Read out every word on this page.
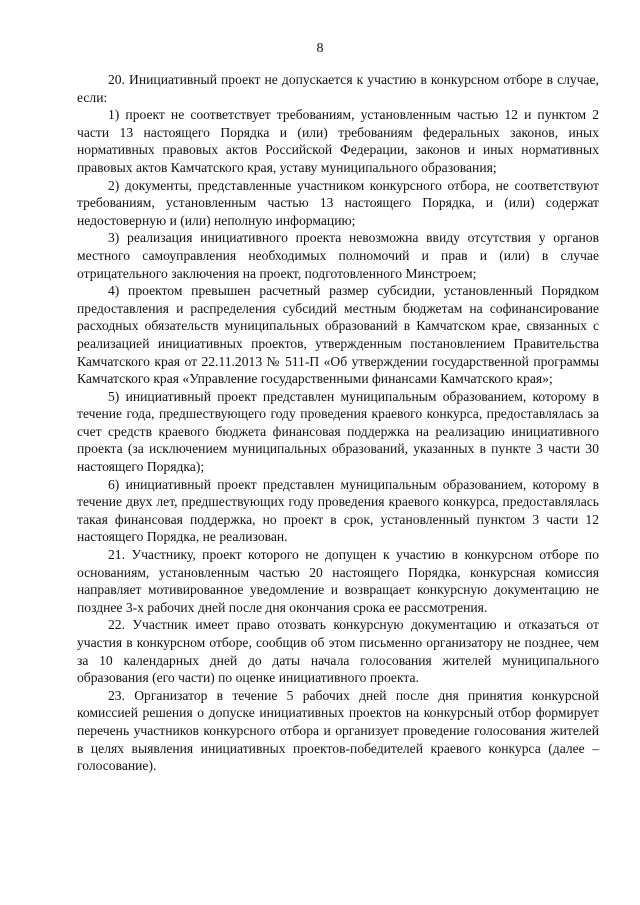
8

20. Инициативный проект не допускается к участию в конкурсном отборе в случае, если:

1) проект не соответствует требованиям, установленным частью 12 и пунктом 2 части 13 настоящего Порядка и (или) требованиям федеральных законов, иных нормативных правовых актов Российской Федерации, законов и иных нормативных правовых актов Камчатского края, уставу муниципального образования;

2) документы, представленные участником конкурсного отбора, не соответствуют требованиям, установленным частью 13 настоящего Порядка, и (или) содержат недостоверную и (или) неполную информацию;

3) реализация инициативного проекта невозможна ввиду отсутствия у органов местного самоуправления необходимых полномочий и прав и (или) в случае отрицательного заключения на проект, подготовленного Минстроем;

4) проектом превышен расчетный размер субсидии, установленный Порядком предоставления и распределения субсидий местным бюджетам на софинансирование расходных обязательств муниципальных образований в Камчатском крае, связанных с реализацией инициативных проектов, утвержденным постановлением Правительства Камчатского края от 22.11.2013 № 511-П «Об утверждении государственной программы Камчатского края «Управление государственными финансами Камчатского края»;

5) инициативный проект представлен муниципальным образованием, которому в течение года, предшествующего году проведения краевого конкурса, предоставлялась за счет средств краевого бюджета финансовая поддержка на реализацию инициативного проекта (за исключением муниципальных образований, указанных в пункте 3 части 30 настоящего Порядка);

6) инициативный проект представлен муниципальным образованием, которому в течение двух лет, предшествующих году проведения краевого конкурса, предоставлялась такая финансовая поддержка, но проект в срок, установленный пунктом 3 части 12 настоящего Порядка, не реализован.

21. Участнику, проект которого не допущен к участию в конкурсном отборе по основаниям, установленным частью 20 настоящего Порядка, конкурсная комиссия направляет мотивированное уведомление и возвращает конкурсную документацию не позднее 3-х рабочих дней после дня окончания срока ее рассмотрения.

22. Участник имеет право отозвать конкурсную документацию и отказаться от участия в конкурсном отборе, сообщив об этом письменно организатору не позднее, чем за 10 календарных дней до даты начала голосования жителей муниципального образования (его части) по оценке инициативного проекта.

23. Организатор в течение 5 рабочих дней после дня принятия конкурсной комиссией решения о допуске инициативных проектов на конкурсный отбор формирует перечень участников конкурсного отбора и организует проведение голосования жителей в целях выявления инициативных проектов-победителей краевого конкурса (далее – голосование).
